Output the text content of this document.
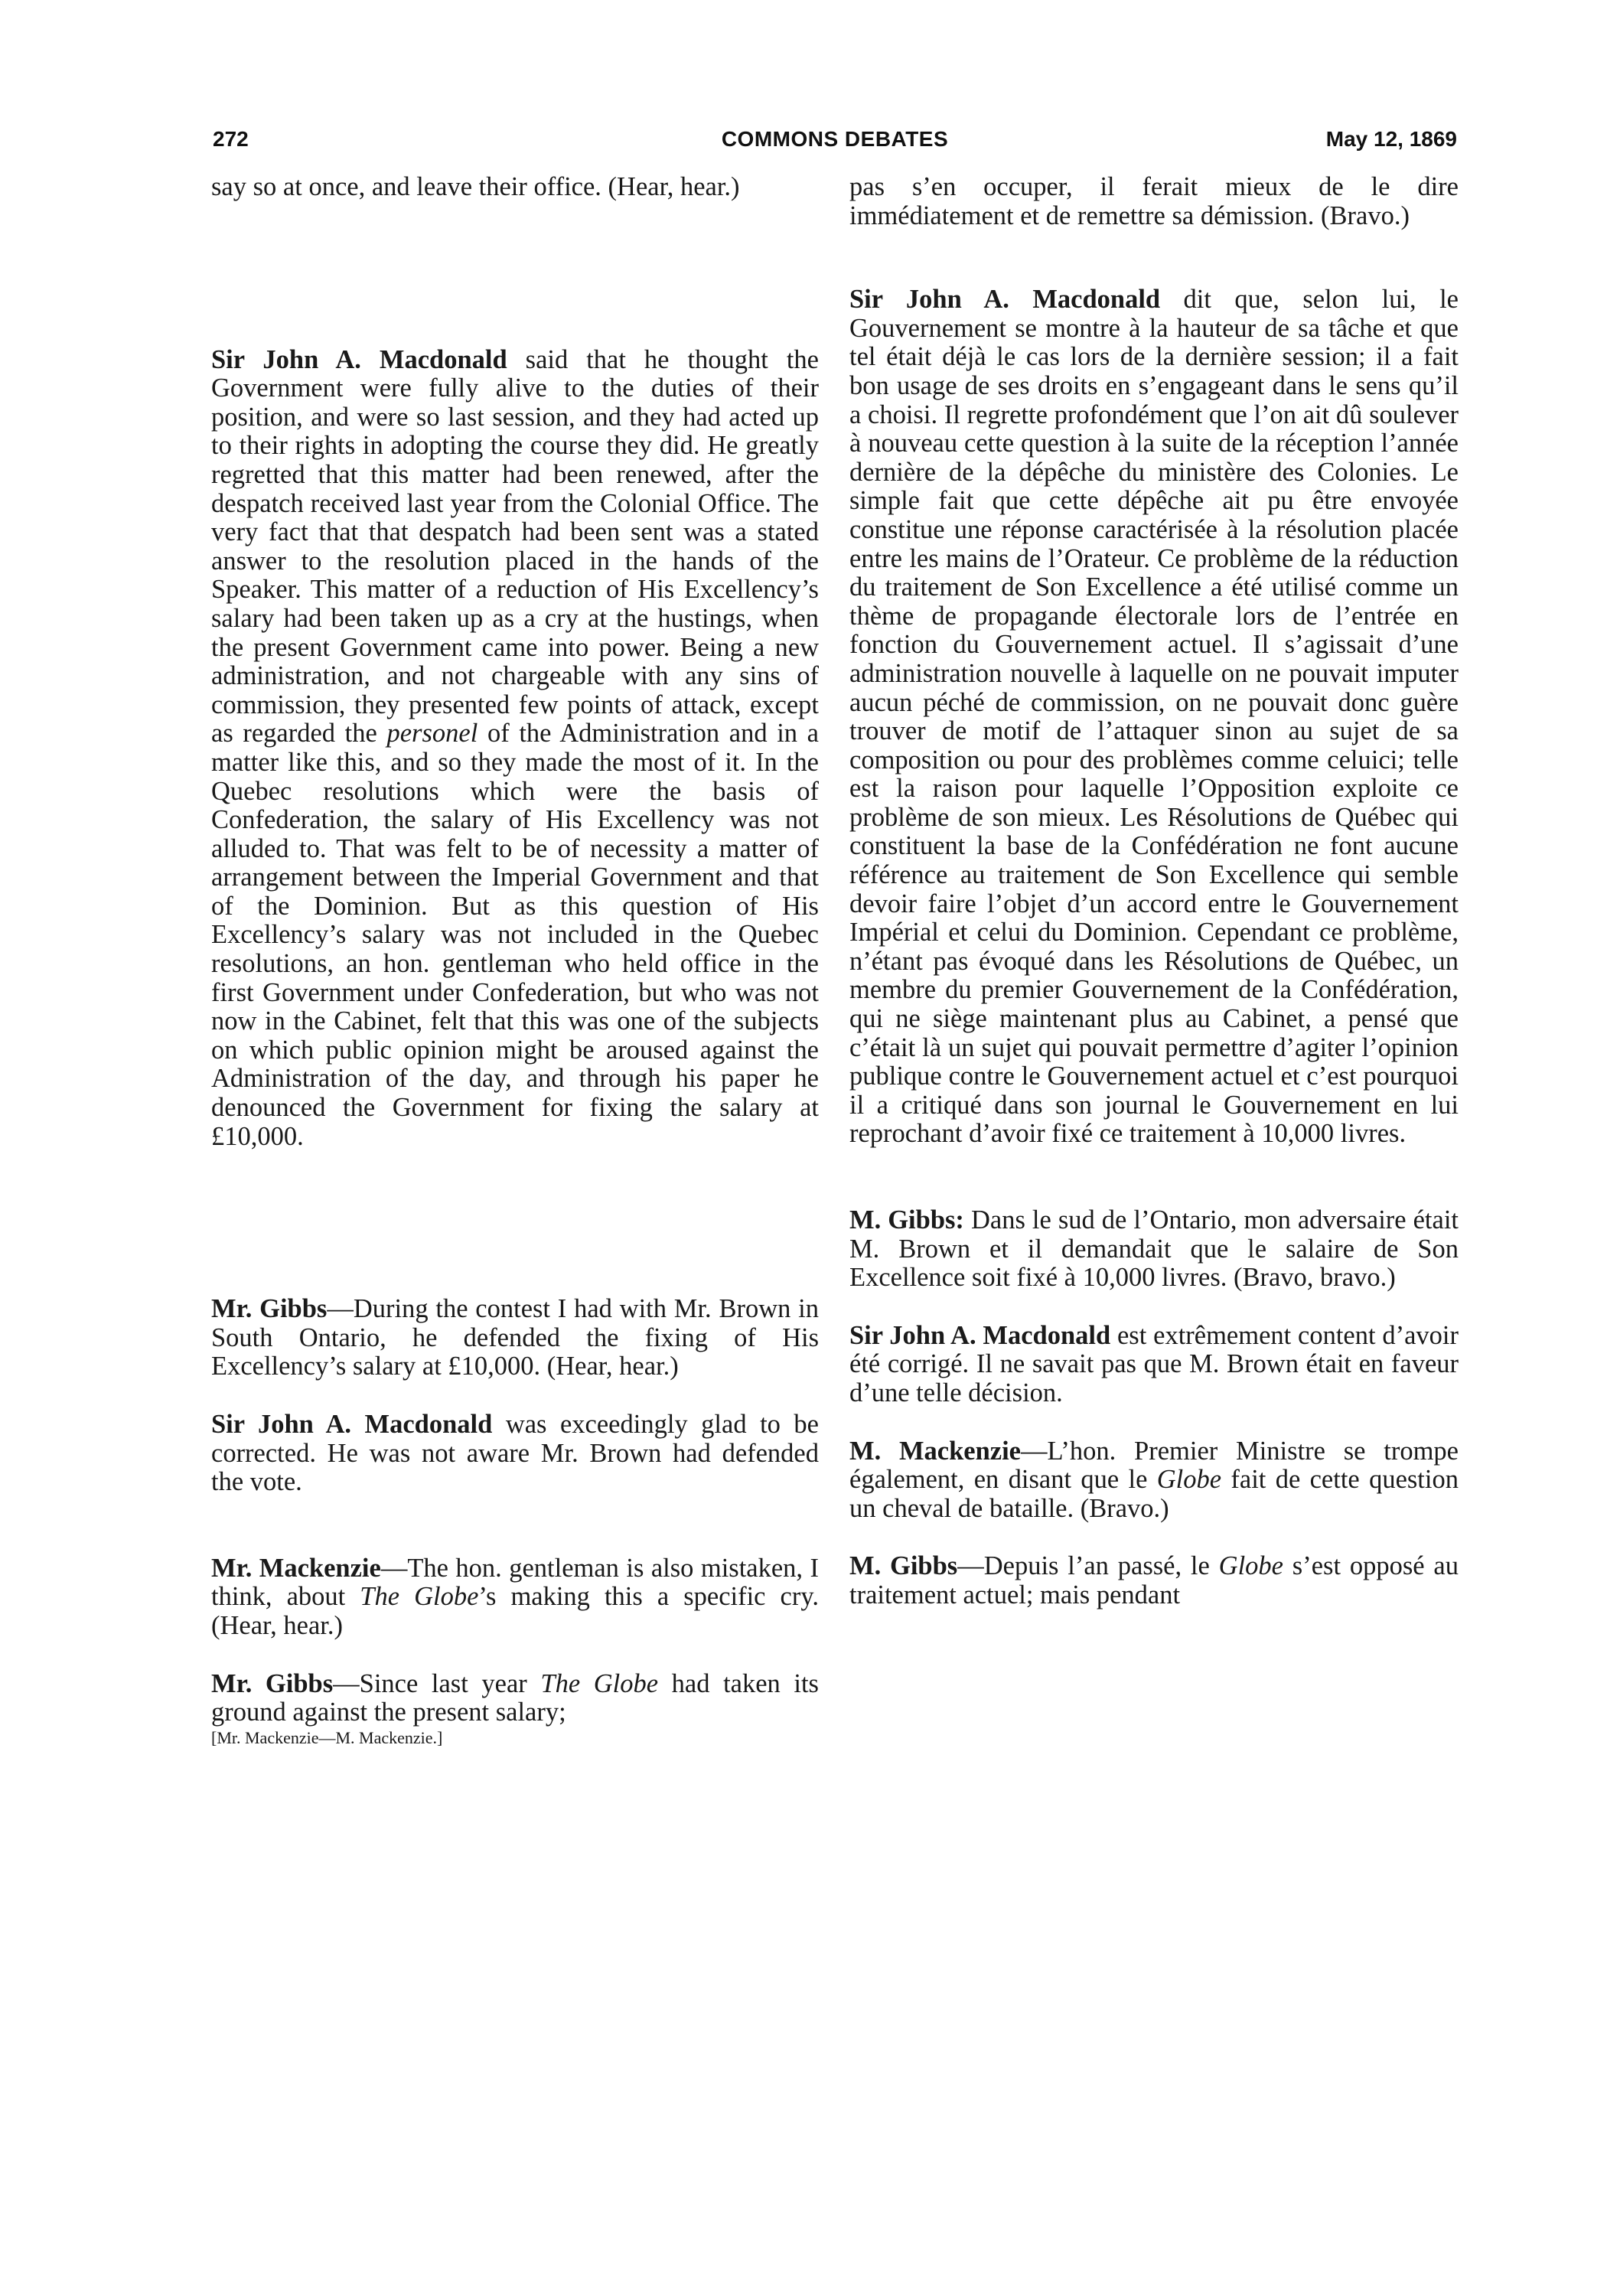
272	COMMONS DEBATES	May 12, 1869

say so at once, and leave their office. (Hear, hear.)

Sir John A. Macdonald said that he thought the Government were fully alive to the duties of their position, and were so last session, and they had acted up to their rights in adopting the course they did. He greatly regretted that this matter had been renewed, after the despatch received last year from the Colonial Office. The very fact that that despatch had been sent was a stated answer to the resolution placed in the hands of the Speaker. This matter of a reduction of His Excellency’s salary had been taken up as a cry at the hustings, when the present Government came into power. Being a new administration, and not chargeable with any sins of commission, they presented few points of attack, except as regarded the personel of the Administration and in a matter like this, and so they made the most of it. In the Quebec resolutions which were the basis of Confederation, the salary of His Excellency was not alluded to. That was felt to be of necessity a matter of arrangement between the Imperial Government and that of the Dominion. But as this question of His Excellency’s salary was not included in the Quebec resolutions, an hon. gentleman who held office in the first Government under Confederation, but who was not now in the Cabinet, felt that this was one of the subjects on which public opinion might be aroused against the Administration of the day, and through his paper he denounced the Government for fixing the salary at £10,000.

Mr. Gibbs—During the contest I had with Mr. Brown in South Ontario, he defended the fixing of His Excellency’s salary at £10,000. (Hear, hear.)

Sir John A. Macdonald was exceedingly glad to be corrected. He was not aware Mr. Brown had defended the vote.

Mr. Mackenzie—The hon. gentleman is also mistaken, I think, about The Globe’s making this a specific cry. (Hear, hear.)

Mr. Gibbs—Since last year The Globe had taken its ground against the present salary;

[Mr. Mackenzie—M. Mackenzie.]

pas s’en occuper, il ferait mieux de le dire immédiatement et de remettre sa démission. (Bravo.)

Sir John A. Macdonald dit que, selon lui, le Gouvernement se montre à la hauteur de sa tâche et que tel était déjà le cas lors de la dernière session; il a fait bon usage de ses droits en s’engageant dans le sens qu’il a choisi. Il regrette profondément que l’on ait dû soulever à nouveau cette question à la suite de la réception l’année dernière de la dépêche du ministère des Colonies. Le simple fait que cette dépêche ait pu être envoyée constitue une réponse caractérisée à la résolution placée entre les mains de l’Orateur. Ce problème de la réduction du traitement de Son Excellence a été utilisé comme un thème de propagande électorale lors de l’entrée en fonction du Gouvernement actuel. Il s’agissait d’une administration nouvelle à laquelle on ne pouvait imputer aucun péché de commission, on ne pouvait donc guère trouver de motif de l’attaquer sinon au sujet de sa composition ou pour des problèmes comme celuici; telle est la raison pour laquelle l’Opposition exploite ce problème de son mieux. Les Résolutions de Québec qui constituent la base de la Confédération ne font aucune référence au traitement de Son Excellence qui semble devoir faire l’objet d’un accord entre le Gouvernement Impérial et celui du Dominion. Cependant ce problème, n’étant pas évoqué dans les Résolutions de Québec, un membre du premier Gouvernement de la Confédération, qui ne siège maintenant plus au Cabinet, a pensé que c’était là un sujet qui pouvait permettre d’agiter l’opinion publique contre le Gouvernement actuel et c’est pourquoi il a critiqué dans son journal le Gouvernement en lui reprochant d’avoir fixé ce traitement à 10,000 livres.

M. Gibbs: Dans le sud de l’Ontario, mon adversaire était M. Brown et il demandait que le salaire de Son Excellence soit fixé à 10,000 livres. (Bravo, bravo.)

Sir John A. Macdonald est extrêmement content d’avoir été corrigé. Il ne savait pas que M. Brown était en faveur d’une telle décision.

M. Mackenzie—L’hon. Premier Ministre se trompe également, en disant que le Globe fait de cette question un cheval de bataille. (Bravo.)

M. Gibbs—Depuis l’an passé, le Globe s’est opposé au traitement actuel; mais pendant
